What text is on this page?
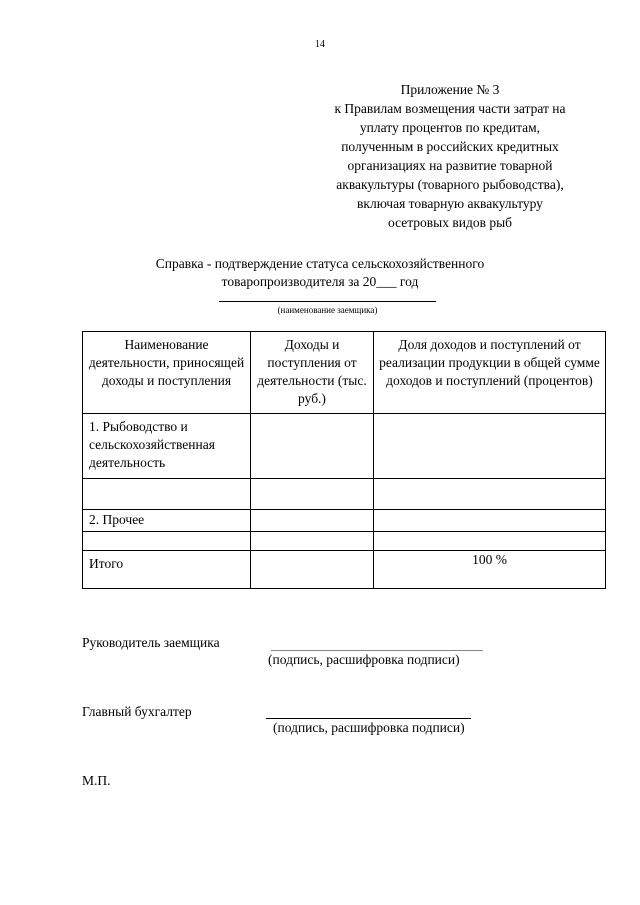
14
Приложение № 3
к Правилам возмещения части затрат на
уплату процентов по кредитам,
полученным в российских кредитных
организациях на развитие товарной
аквакультуры (товарного рыбоводства),
включая товарную аквакультуру
осетровых видов рыб
Справка - подтверждение статуса сельскохозяйственного
товаропроизводителя за 20___ год
(наименование заемщика)
Наименование деятельности, приносящей доходы и поступления	Доходы и поступления от деятельности (тыс. руб.)	Доля доходов и поступлений от реализации продукции в общей сумме доходов и поступлений (процентов)
1. Рыбоводство и сельскохозяйственная деятельность		

2. Прочее		

Итого		100 %
Руководитель заемщика
(подпись, расшифровка подписи)
Главный бухгалтер
(подпись, расшифровка подписи)
М.П.
